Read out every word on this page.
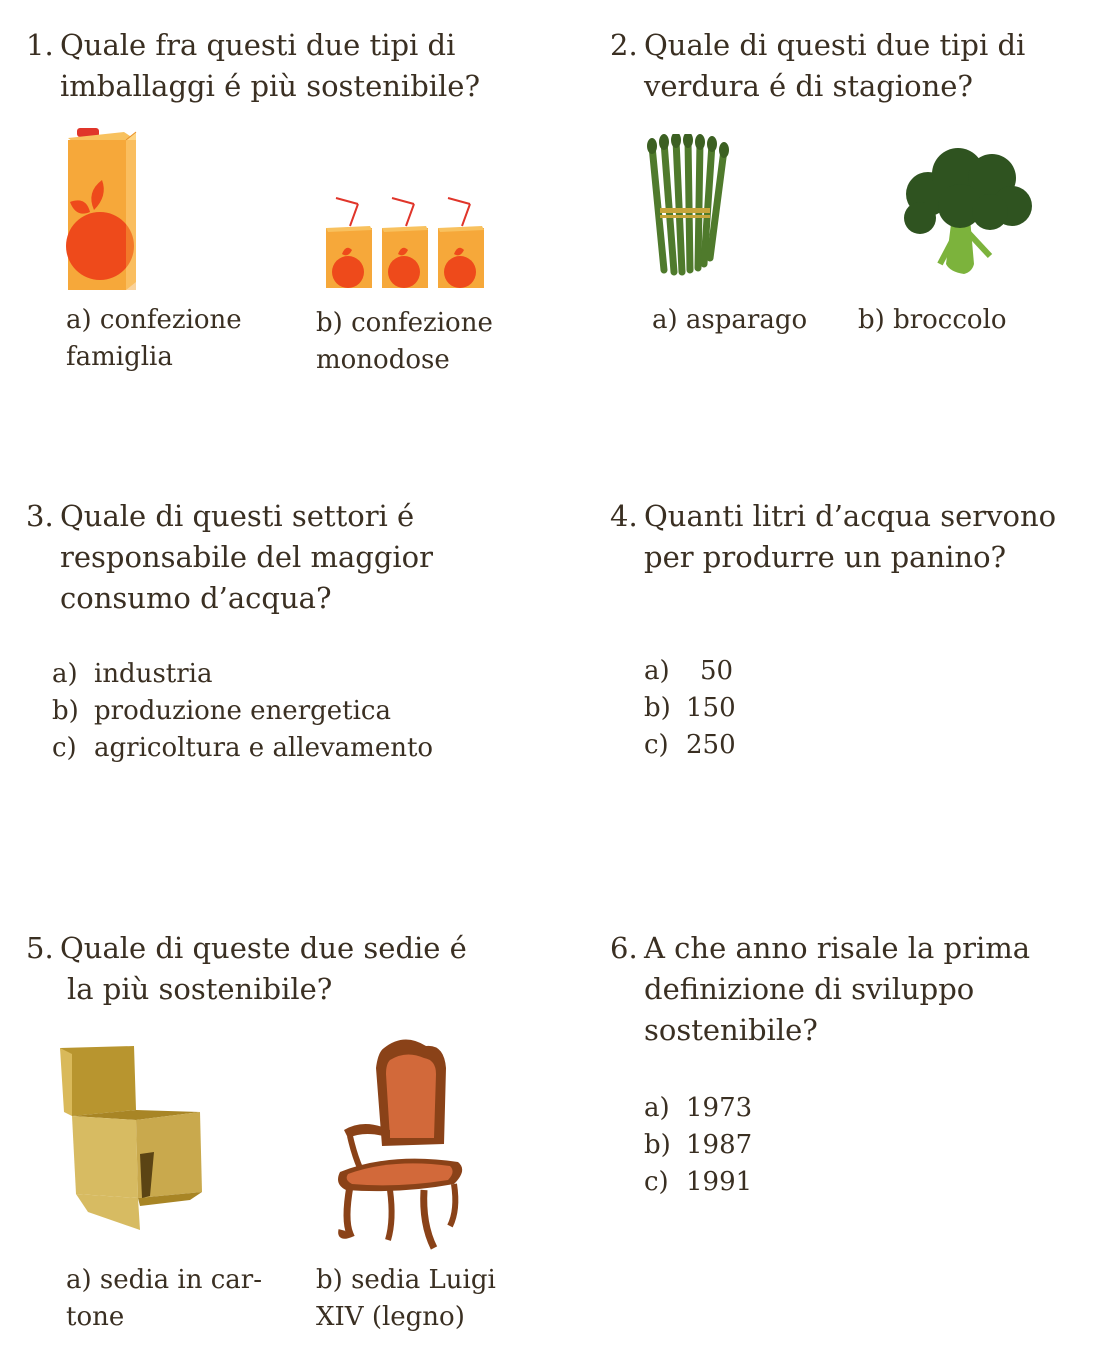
1. Quale fra questi due tipi di
imballaggi é più sostenibile?
a) confezione
famiglia
b) confezione
monodose
2. Quale di questi due tipi di
verdura é di stagione?
a) asparago b) broccolo
3. Quale di questi settori é
responsabile del maggior
consumo d’acqua?
a) industria
b) produzione energetica
c) agricoltura e allevamento
4. Quanti litri d’acqua servono
per produrre un panino?
a)	50
b) 150
c) 250
5. Quale di queste due sedie é
la più sostenibile?
a) sedia in car-
tone
b) sedia Luigi
XIV (legno)
6. A che anno risale la prima
definizione di sviluppo
sostenibile?
a) 1973
b) 1987
c) 1991
